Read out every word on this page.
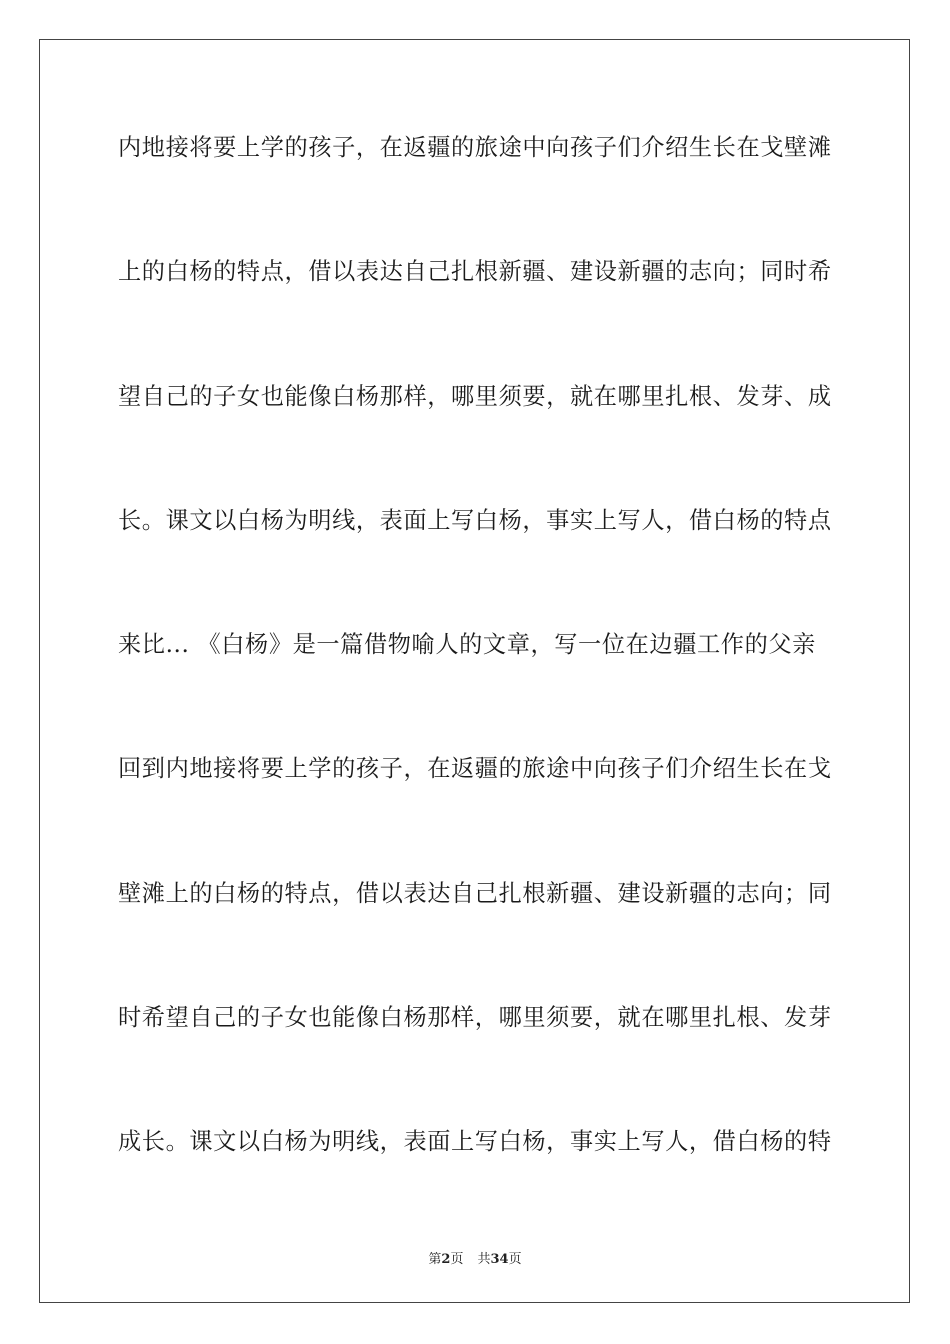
内地接将要上学的孩子，在返疆的旅途中向孩子们介绍生长在戈壁滩
上的白杨的特点，借以表达自己扎根新疆、建设新疆的志向；同时希
望自己的子女也能像白杨那样，哪里须要，就在哪里扎根、发芽、成
长。课文以白杨为明线，表面上写白杨，事实上写人，借白杨的特点
来比... 《白杨》是一篇借物喻人的文章，写一位在边疆工作的父亲
回到内地接将要上学的孩子，在返疆的旅途中向孩子们介绍生长在戈
壁滩上的白杨的特点，借以表达自己扎根新疆、建设新疆的志向；同
时希望自己的子女也能像白杨那样，哪里须要，就在哪里扎根、发芽
成长。课文以白杨为明线，表面上写白杨，事实上写人，借白杨的特
第2页 共34页
